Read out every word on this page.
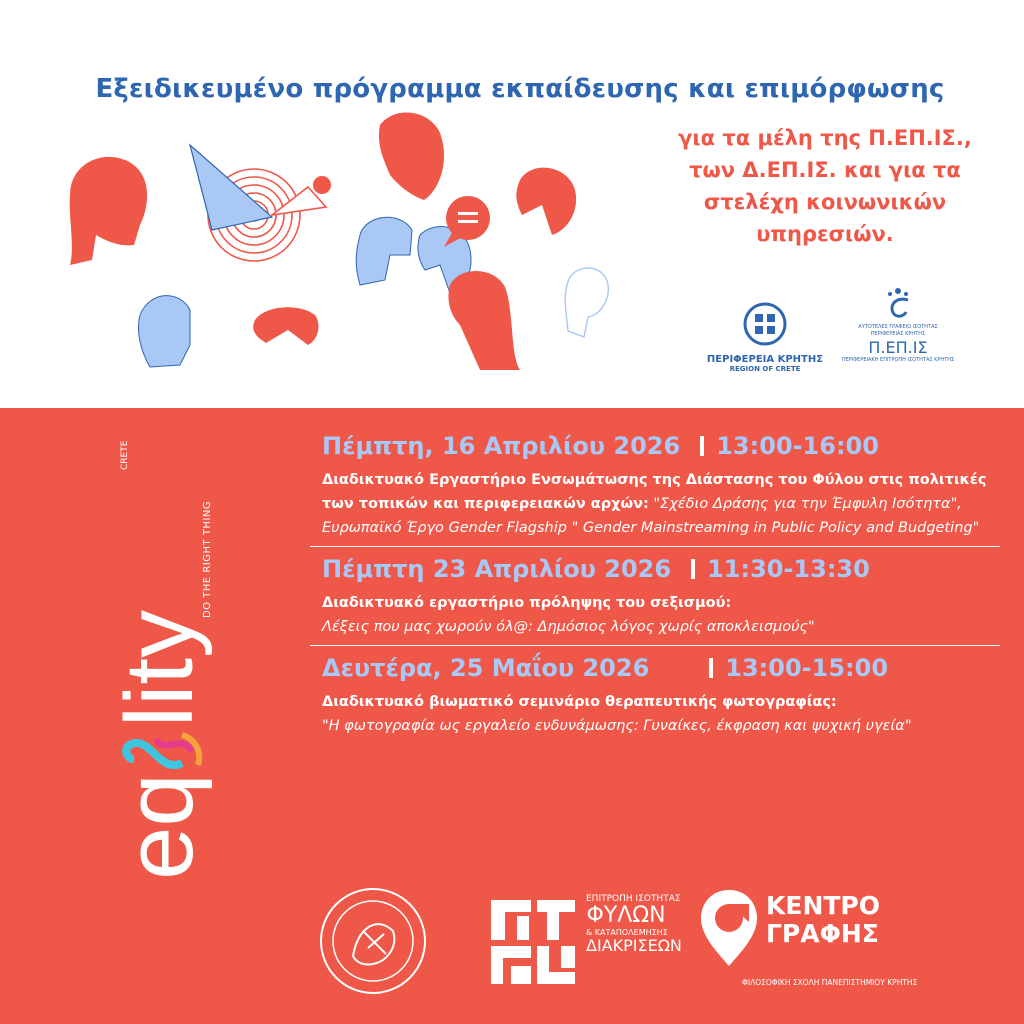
Εξειδικευμένο πρόγραμμα εκπαίδευσης και επιμόρφωσης
για τα μέλη της Π.ΕΠ.ΙΣ.,
των Δ.ΕΠ.ΙΣ. και για τα
στελέχη κοινωνικών
υπηρεσιών.
ΠΕΡΙΦΕΡΕΙΑ ΚΡΗΤΗΣ
REGION OF CRETE
ΑΥΤΟΤΕΛΕΣ ΓΡΑΦΕΙΟ ΙΣΟΤΗΤΑΣ
ΠΕΡΙΦΕΡΕΙΑΣ ΚΡΗΤΗΣ
Π.ΕΠ.ΙΣ
ΠΕΡΙΦΕΡΕΙΑΚΗ ΕΠΙΤΡΟΠΗ ΙΣΟΤΗΤΑΣ ΚΡΗΤΗΣ
eq
lity
DO THE RIGHT THING
CRETE	Πέμπτη, 16 Απριλίου 2026 13:00-16:00
Διαδικτυακό Εργαστήριο Ενσωμάτωσης της Διάστασης του Φύλου στις πολιτικές των τοπικών και περιφερειακών αρχών: "Σχέδιο Δράσης για την Έμφυλη Ισότητα", Ευρωπαϊκό Έργο Gender Flagship " Gender Mainstreaming in Public Policy and Budgeting"
Πέμπτη 23 Απριλίου 2026 11:30-13:30
Διαδικτυακό εργαστήριο πρόληψης του σεξισμού:
Λέξεις που μας χωρούν όλ@: Δημόσιος λόγος χωρίς αποκλεισμούς"
Δευτέρα, 25 Μαΐου 2026	13:00-15:00
Διαδικτυακό βιωματικό σεμινάριο θεραπευτικής φωτογραφίας:
"Η φωτογραφία ως εργαλείο ενδυνάμωσης: Γυναίκες, έκφραση και ψυχική υγεία"
ΕΠΙΤΡΟΠΗ ΙΣΟΤΗΤΑΣ
ΦΥΛΩΝ
& ΚΑΤΑΠΟΛΕΜΗΣΗΣ
ΔΙΑΚΡΙΣΕΩΝ
ΚΕΝΤΡΟ
ΓΡΑΦΗΣ
ΦΙΛΟΣΟΦΙΚΗ ΣΧΟΛΗ ΠΑΝΕΠΙΣΤΗΜΙΟΥ ΚΡΗΤΗΣ
